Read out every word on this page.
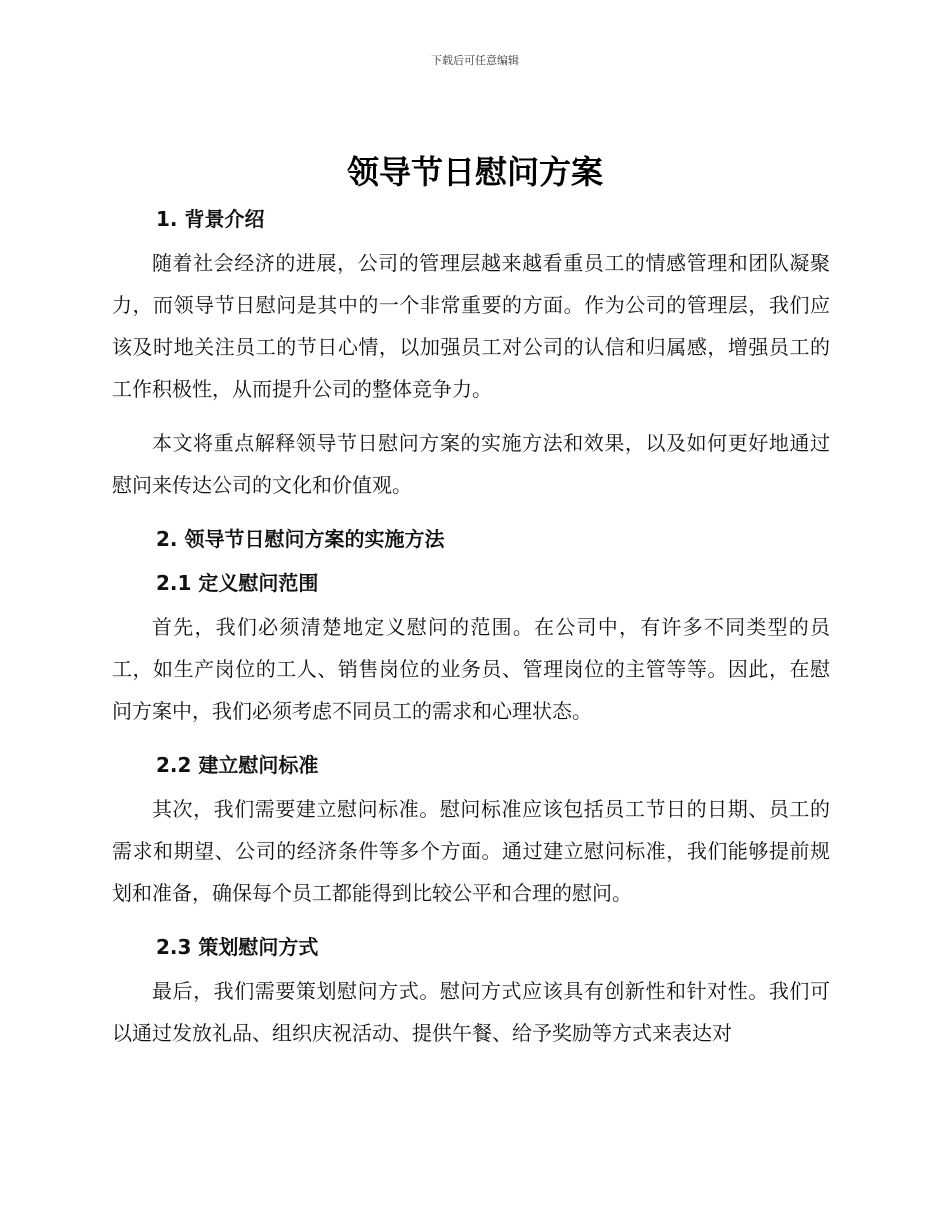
下载后可任意编辑
领导节日慰问方案
1. 背景介绍

随着社会经济的进展，公司的管理层越来越看重员工的情感管理和团队凝聚力，而领导节日慰问是其中的一个非常重要的方面。作为公司的管理层，我们应该及时地关注员工的节日心情，以加强员工对公司的认信和归属感，增强员工的工作积极性，从而提升公司的整体竞争力。

本文将重点解释领导节日慰问方案的实施方法和效果，以及如何更好地通过慰问来传达公司的文化和价值观。

2. 领导节日慰问方案的实施方法
2.1 定义慰问范围

首先，我们必须清楚地定义慰问的范围。在公司中，有许多不同类型的员工，如生产岗位的工人、销售岗位的业务员、管理岗位的主管等等。因此，在慰问方案中，我们必须考虑不同员工的需求和心理状态。

2.2 建立慰问标准

其次，我们需要建立慰问标准。慰问标准应该包括员工节日的日期、员工的需求和期望、公司的经济条件等多个方面。通过建立慰问标准，我们能够提前规划和准备，确保每个员工都能得到比较公平和合理的慰问。

2.3 策划慰问方式

最后，我们需要策划慰问方式。慰问方式应该具有创新性和针对性。我们可以通过发放礼品、组织庆祝活动、提供午餐、给予奖励等方式来表达对
